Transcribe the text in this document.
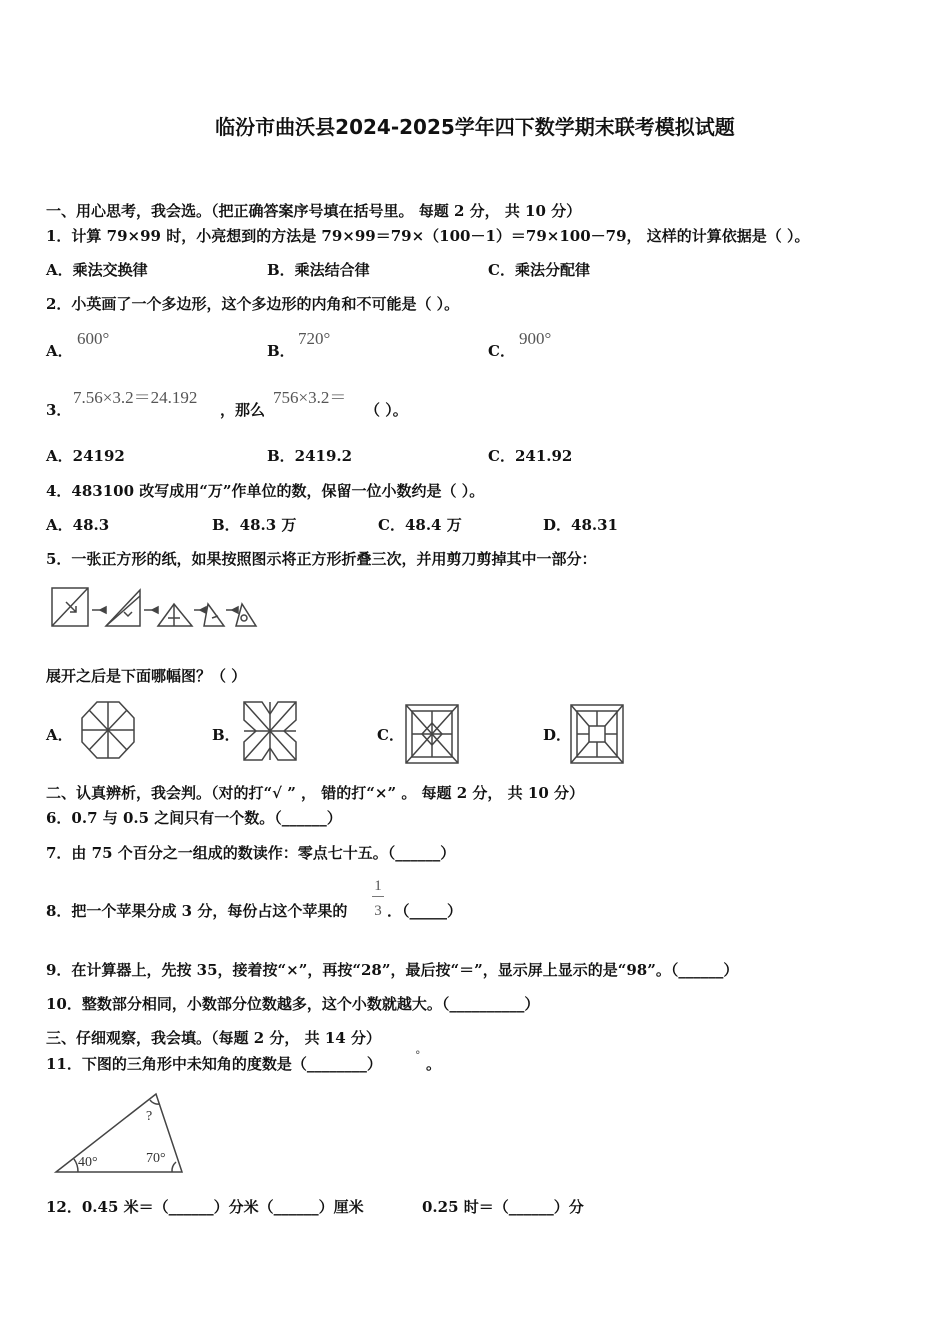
临汾市曲沃县2024-2025学年四下数学期末联考模拟试题
一、用心思考，我会选。（把正确答案序号填在括号里。 每题 2 分， 共 10 分）
1．计算 79×99 时，小亮想到的方法是 79×99＝79×（100－1）＝79×100－79， 这样的计算依据是（ ）。
A．乘法交换律	B．乘法结合律	C．乘法分配律
2．小英画了一个多边形，这个多边形的内角和不可能是（ ）。
A．
600°
B．
720°
C．
900°
3．
7.56×3.2＝24.192
，那么
756×3.2＝
（ ）。
A．24192	B．2419.2	C．241.92
4．483100 改写成用“万”作单位的数，保留一位小数约是（ ）。
A．48.3	B．48.3 万	C．48.4 万	D．48.31
5．一张正方形的纸，如果按照图示将正方形折叠三次，并用剪刀剪掉其中一部分：
展开之后是下面哪幅图？（ ）
A．	B．	C．	D．
二、认真辨析，我会判。（对的打“√ ” ， 错的打“×” 。 每题 2 分， 共 10 分）
6．0.7 与 0.5 之间只有一个数。（______）
7．由 75 个百分之一组成的数读作：零点七十五。（______）
8．把一个苹果分成 3 分，每份占这个苹果的
1
3 ．（_____）
9．在计算器上，先按 35，接着按“×”，再按“28”，最后按“＝”，显示屏上显示的是“98”。（______）
10．整数部分相同，小数部分位数越多，这个小数就越大。（__________）
三、仔细观察，我会填。（每题 2 分， 共 14 分）
11．下图的三角形中未知角的度数是（________）	° 。
40°	70°
?
12．0.45 米＝（______）分米（______）厘米	0.25 时＝（______）分
